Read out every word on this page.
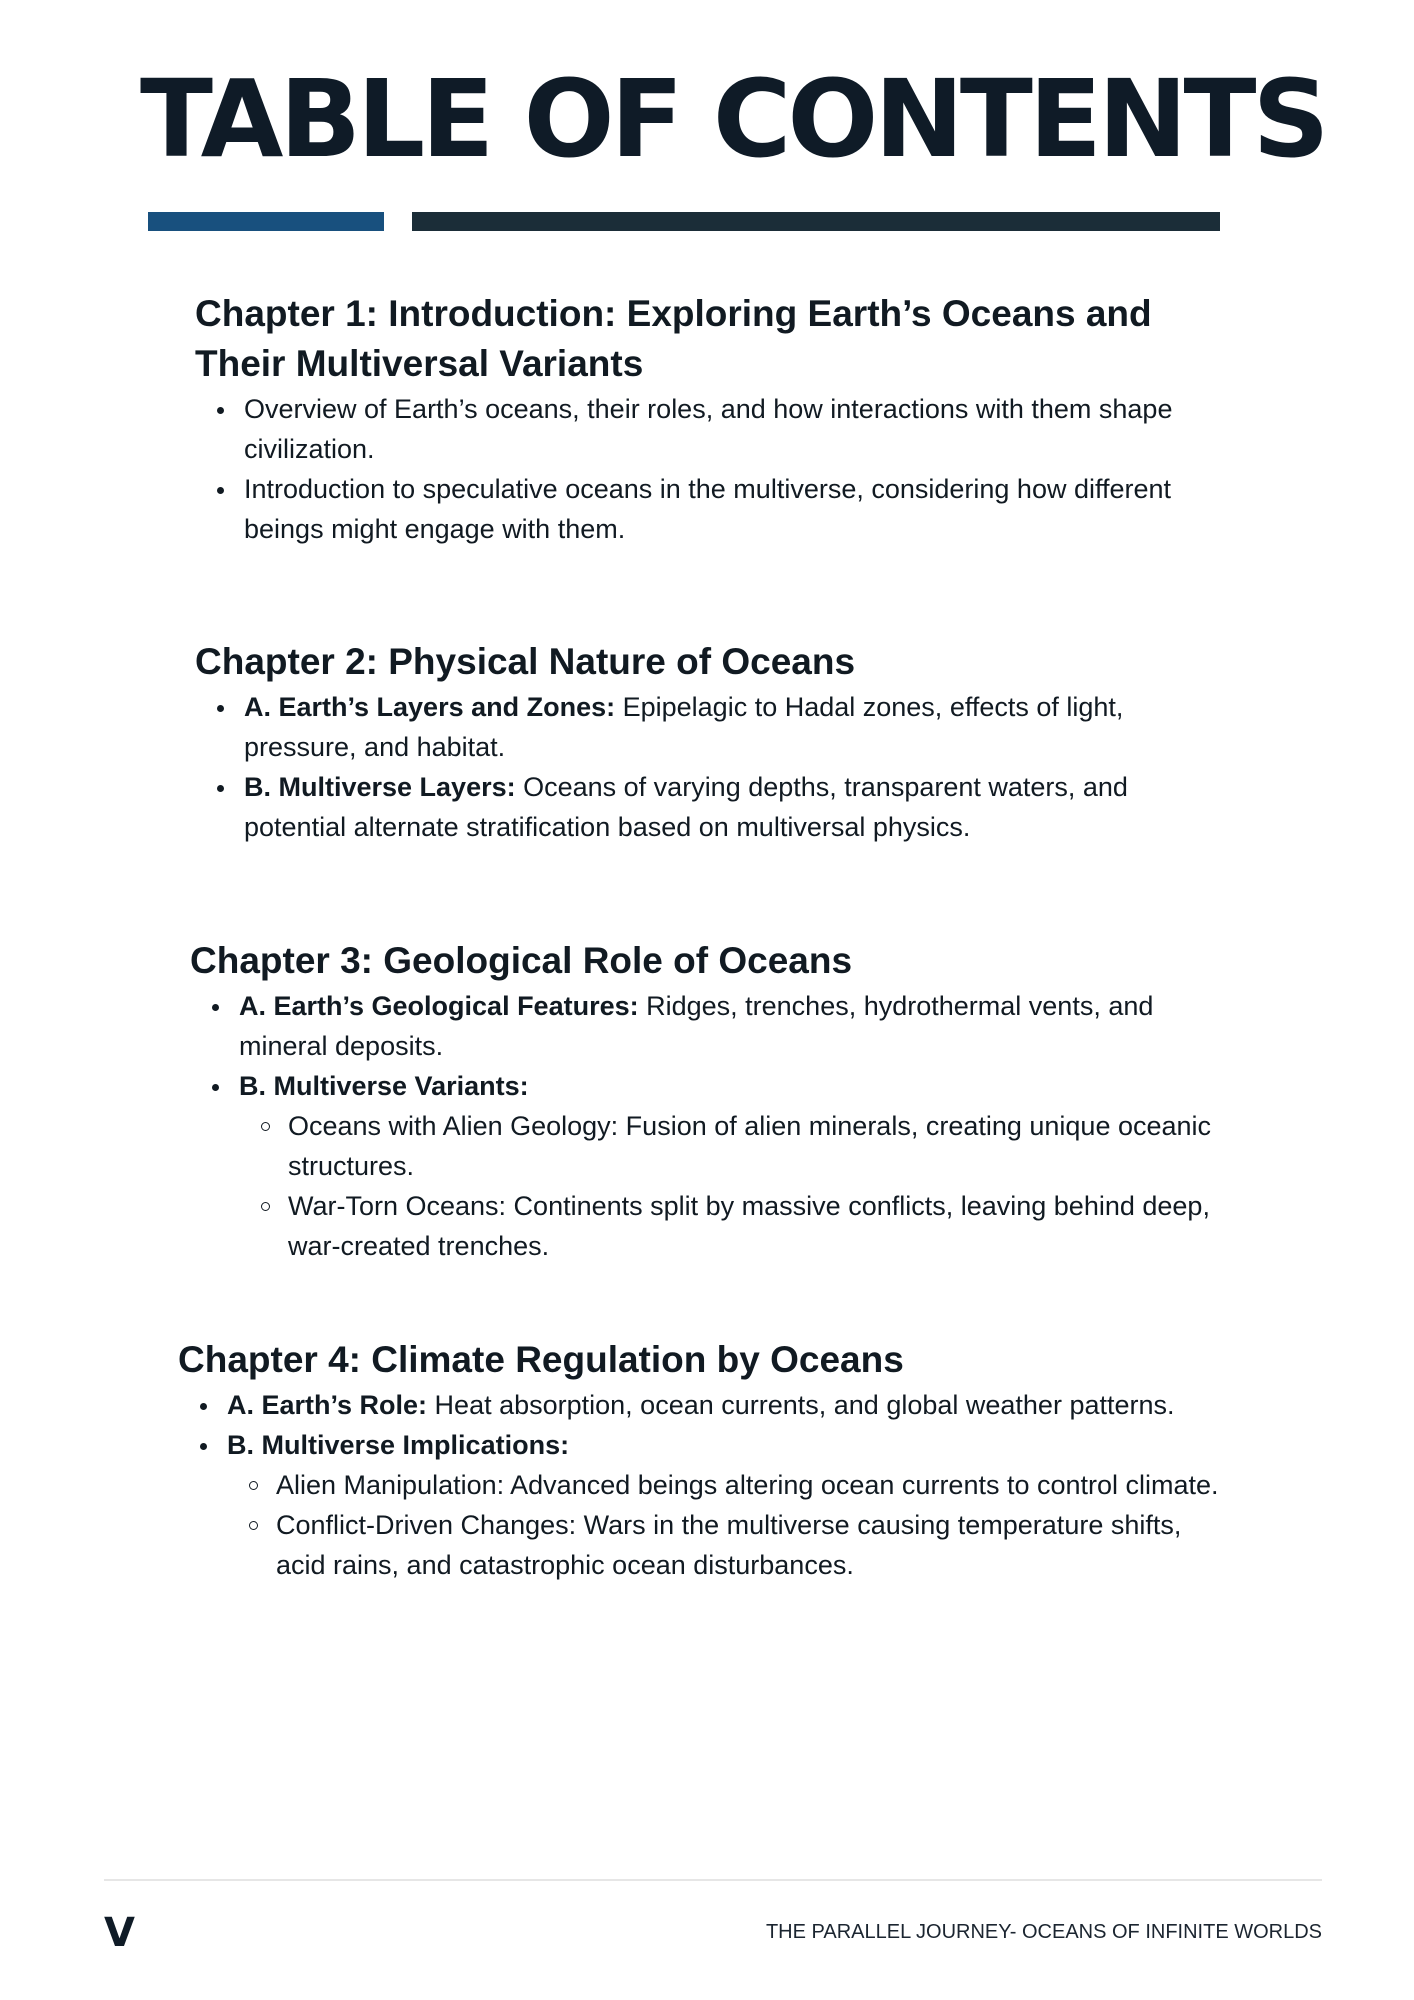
TABLE OF CONTENTS
Chapter 1: Introduction: Exploring Earth’s Oceans and
Their Multiversal Variants
Overview of Earth’s oceans, their roles, and how interactions with them shape civilization.
Introduction to speculative oceans in the multiverse, considering how different beings might engage with them.
Chapter 2: Physical Nature of Oceans
A. Earth’s Layers and Zones: Epipelagic to Hadal zones, effects of light, pressure, and habitat.
B. Multiverse Layers: Oceans of varying depths, transparent waters, and potential alternate stratification based on multiversal physics.
Chapter 3: Geological Role of Oceans
A. Earth’s Geological Features: Ridges, trenches, hydrothermal vents, and mineral deposits.
B. Multiverse Variants:
Oceans with Alien Geology: Fusion of alien minerals, creating unique oceanic structures.
War-Torn Oceans: Continents split by massive conflicts, leaving behind deep, war-created trenches.
Chapter 4: Climate Regulation by Oceans
A. Earth’s Role: Heat absorption, ocean currents, and global weather patterns.
B. Multiverse Implications:
Alien Manipulation: Advanced beings altering ocean currents to control climate.
Conflict-Driven Changes: Wars in the multiverse causing temperature shifts, acid rains, and catastrophic ocean disturbances.
V	THE PARALLEL JOURNEY- OCEANS OF INFINITE WORLDS
